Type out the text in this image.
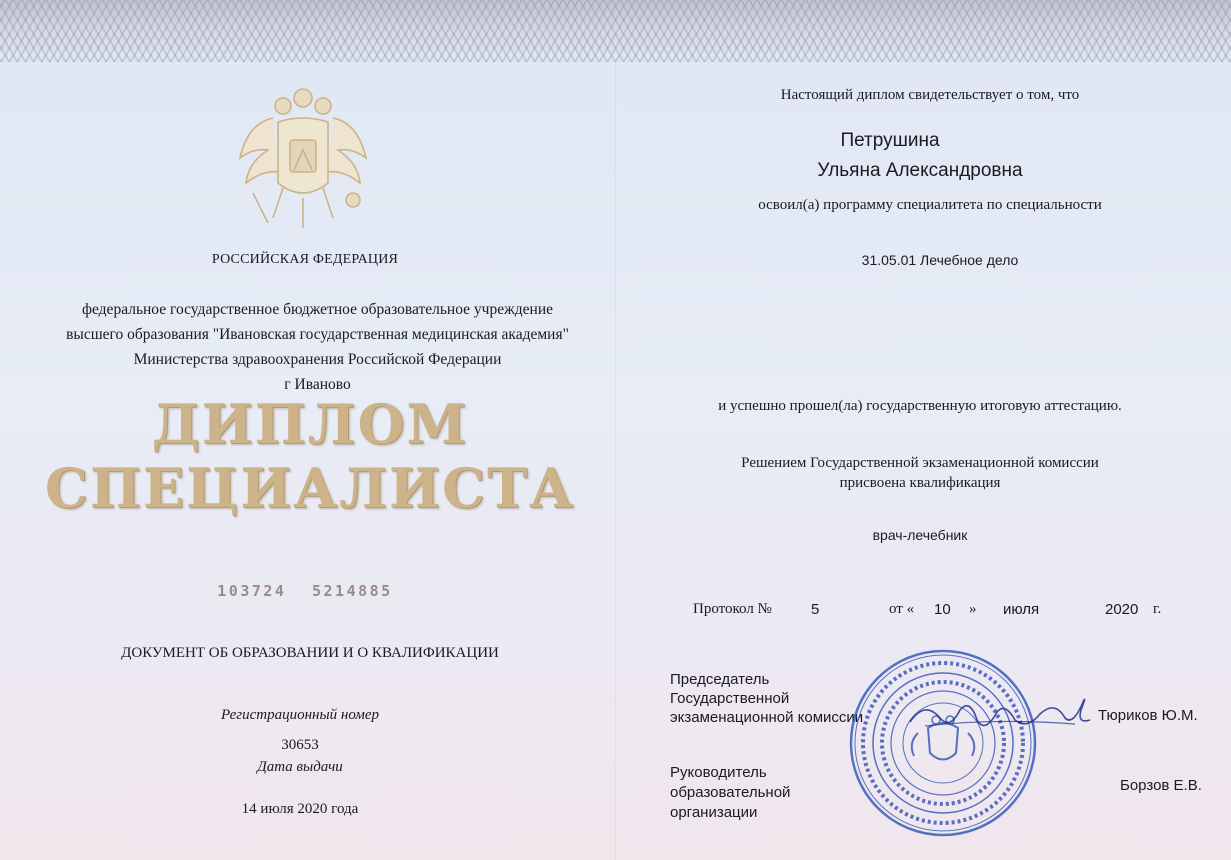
РОССИЙСКАЯ ФЕДЕРАЦИЯ
федеральное государственное бюджетное образовательное учреждение
высшего образования "Ивановская государственная медицинская академия"
Министерства здравоохранения Российской Федерации
г Иваново
ДИПЛОМ
СПЕЦИАЛИСТА
103724 5214885
ДОКУМЕНТ ОБ ОБРАЗОВАНИИ И О КВАЛИФИКАЦИИ
Регистрационный номер
30653
Дата выдачи
14 июля 2020 года
Настоящий диплом свидетельствует о том, что
Петрушина
Ульяна Александровна
освоил(а) программу специалитета по специальности
31.05.01 Лечебное дело
и успешно прошел(ла) государственную итоговую аттестацию.
Решением Государственной экзаменационной комиссии
присвоена квалификация
врач-лечебник
Протокол №	5	от « 10 » июля	2020 г.
Председатель
Государственной
экзаменационной комиссии	Тюриков Ю.М.
Руководитель образовательной
организации
Борзов Е.В.
